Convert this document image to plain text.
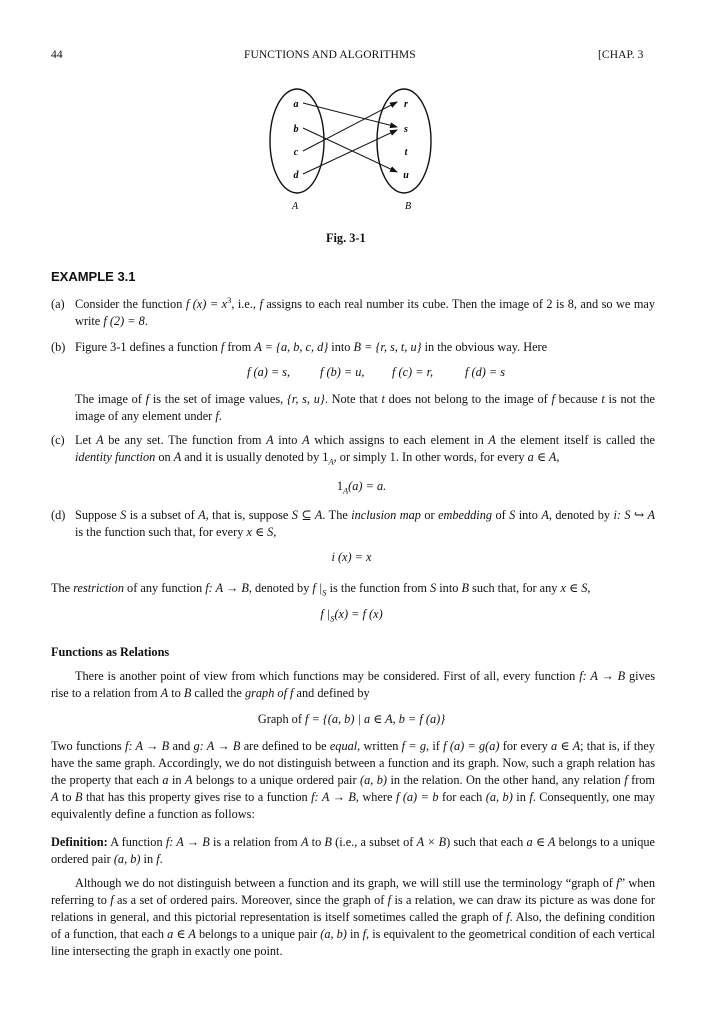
44	FUNCTIONS AND ALGORITHMS	[CHAP. 3
a
b
c
d
r
s
t
u
A	B
Fig. 3-1
EXAMPLE 3.1
(a) Consider the function f $(x) = x^3$, i.e., f assigns to each real number its cube. Then the image of 2 is 8, and so we may write f (2) = 8.
(b) Figure 3-1 defines a function f from A = {a, b, c, d} into B = {r, s, t, u} in the obvious way. Here
f (a) = s, f (b) = u, f (c) = r,	f (d) = s
The image of f is the set of image values, {r, s, u}. Note that t does not belong to the image of f because t is not the image of any element under f.
(c) Let A be any set. The function from A into A which assigns to each element in A the element itself is called the identity function on A and it is usually denoted by $1_A$, or simply 1. In other words, for every a ∈ A,
$1_A(a) = a$.
(d) Suppose S is a subset of A, that is, suppose S ⊆ A. The inclusion map or embedding of S into A, denoted by i: S ↪ A is the function such that, for every x ∈ S,
i (x) = x
The restriction of any function f: A → B, denoted by f $|_S$ is the function from S into B such that, for any x ∈ S,
f $|_S(x) = f$ (x)
Functions as Relations
There is another point of view from which functions may be considered. First of all, every function f: A → B gives rise to a relation from A to B called the graph of f and defined by
Graph of f = {(a, b) | a ∈ A, b = f (a)}
Two functions f: A → B and g: A → B are defined to be equal, written f = g, if f (a) = g(a) for every a ∈ A; that is, if they have the same graph. Accordingly, we do not distinguish between a function and its graph. Now, such a graph relation has the property that each a in A belongs to a unique ordered pair (a, b) in the relation. On the other hand, any relation f from A to B that has this property gives rise to a function f: A → B, where f (a) = b for each (a, b) in f. Consequently, one may equivalently define a function as follows:
Definition: A function f: A → B is a relation from A to B (i.e., a subset of A × B) such that each a ∈ A belongs to a unique ordered pair (a, b) in f.
Although we do not distinguish between a function and its graph, we will still use the terminology “graph of f” when referring to f as a set of ordered pairs. Moreover, since the graph of f is a relation, we can draw its picture as was done for relations in general, and this pictorial representation is itself sometimes called the graph of f. Also, the defining condition of a function, that each a ∈ A belongs to a unique pair (a, b) in f, is equivalent to the geometrical condition of each vertical line intersecting the graph in exactly one point.
